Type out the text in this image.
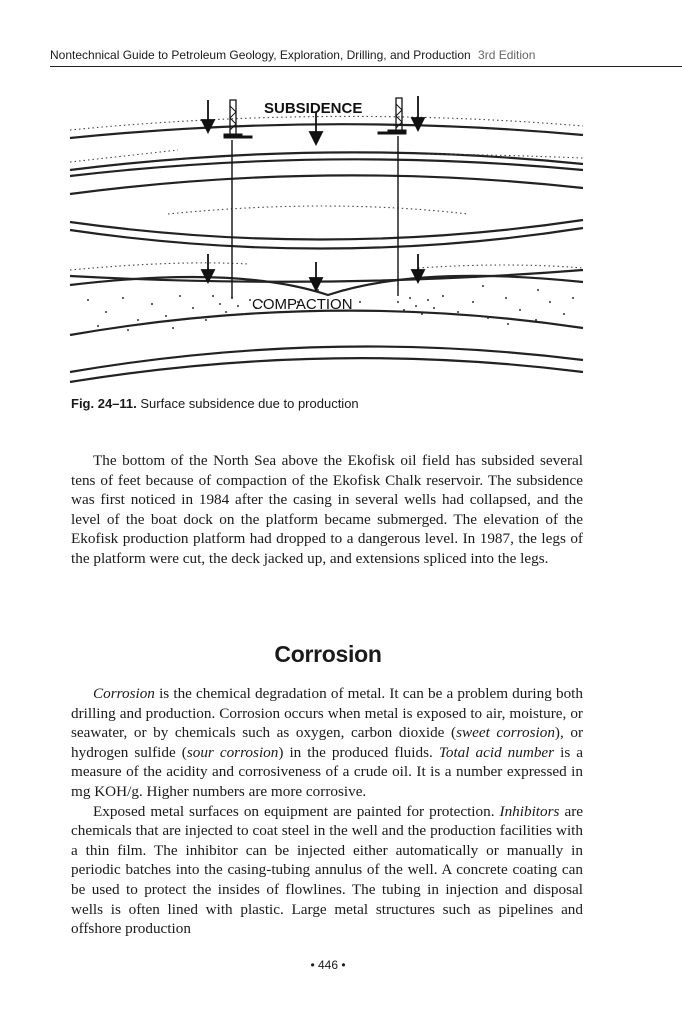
Nontechnical Guide to Petroleum Geology, Exploration, Drilling, and Production 3rd Edition
SUBSIDENCE
COMPACTION
Fig. 24–11. Surface subsidence due to production

The bottom of the North Sea above the Ekofisk oil field has subsided several tens of feet because of compaction of the Ekofisk Chalk reservoir. The subsidence was first noticed in 1984 after the casing in several wells had collapsed, and the level of the boat dock on the platform became submerged. The elevation of the Ekofisk production platform had dropped to a dangerous level. In 1987, the legs of the platform were cut, the deck jacked up, and extensions spliced into the legs.

Corrosion

Corrosion is the chemical degradation of metal. It can be a problem during both drilling and production. Corrosion occurs when metal is exposed to air, moisture, or seawater, or by chemicals such as oxygen, carbon dioxide (sweet corrosion), or hydrogen sulfide (sour corrosion) in the produced fluids. Total acid number is a measure of the acidity and corrosiveness of a crude oil. It is a number expressed in mg KOH/g. Higher numbers are more corrosive.

Exposed metal surfaces on equipment are painted for protection. Inhibitors are chemicals that are injected to coat steel in the well and the production facilities with a thin film. The inhibitor can be injected either automatically or manually in periodic batches into the casing-tubing annulus of the well. A concrete coating can be used to protect the insides of flowlines. The tubing in injection and disposal wells is often lined with plastic. Large metal structures such as pipelines and offshore production

• 446 •
